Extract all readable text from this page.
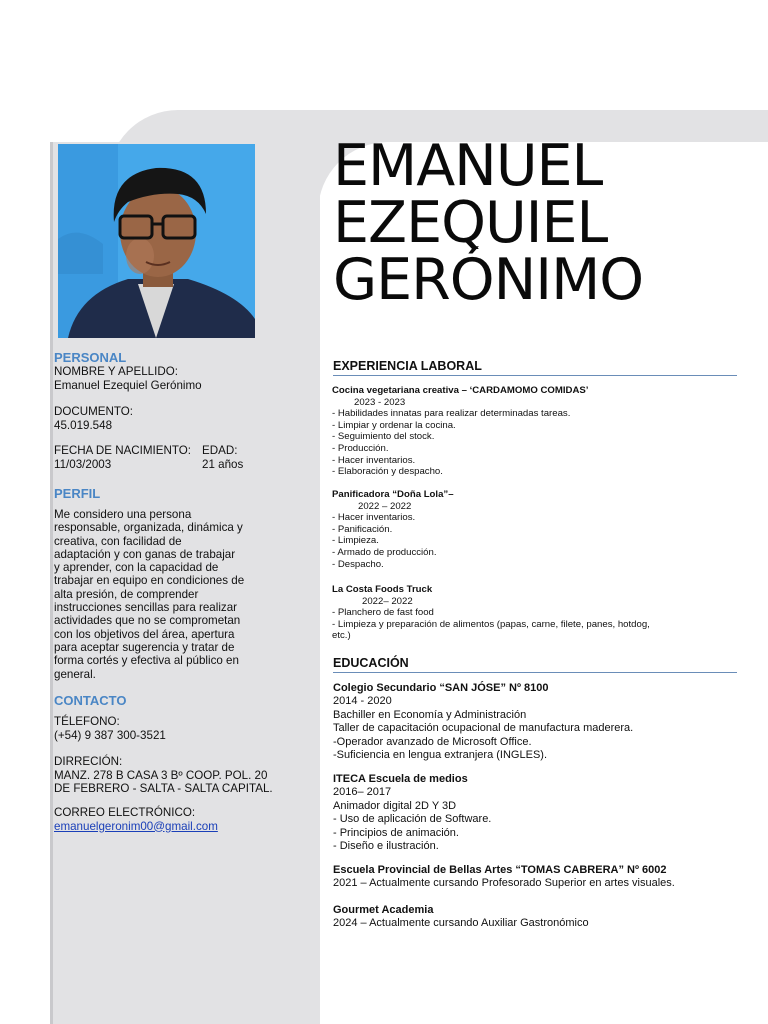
PERSONAL

NOMBRE Y APELLIDO:

Emanuel Ezequiel Gerónimo

DOCUMENTO:

45.019.548

FECHA DE NACIMIENTO:

11/03/2003

EDAD:

21 años

PERFIL

Me considero una persona

responsable, organizada, dinámica y

creativa, con facilidad de

adaptación y con ganas de trabajar

y aprender, con la capacidad de

trabajar en equipo en condiciones de

alta presión, de comprender

instrucciones sencillas para realizar

actividades que no se comprometan

con los objetivos del área, apertura

para aceptar sugerencia y tratar de

forma cortés y efectiva al público en

general.

CONTACTO

TÉLEFONO:

(+54) 9 387 300-3521

DIRRECIÓN:

MANZ. 278 B CASA 3 Bº COOP. POL. 20

DE FEBRERO - SALTA - SALTA CAPITAL.

CORREO ELECTRÓNICO:

emanuelgeronim00@gmail.com

EMANUEL

EZEQUIEL

GERÓNIMO

EXPERIENCIA LABORAL

Cocina vegetariana creativa – ‘CARDAMOMO COMIDAS’

2023 - 2023

- Habilidades innatas para realizar determinadas tareas.

- Limpiar y ordenar la cocina.

- Seguimiento del stock.

- Producción.

- Hacer inventarios.

- Elaboración y despacho.

Panificadora “Doña Lola”–

2022 – 2022

- Hacer inventarios.

- Panificación.

- Limpieza.

- Armado de producción.

- Despacho.

La Costa Foods Truck

2022– 2022

- Planchero de fast food

- Limpieza y preparación de alimentos (papas, carne, filete, panes, hotdog,

etc.)

EDUCACIÓN

Colegio Secundario “SAN JÓSE” Nº 8100

2014 - 2020

Bachiller en Economía y Administración

Taller de capacitación ocupacional de manufactura maderera.

-Operador avanzado de Microsoft Office.

-Suficiencia en lengua extranjera (INGLES).

ITECA Escuela de medios

2016– 2017

Animador digital 2D Y 3D

- Uso de aplicación de Software.

- Principios de animación.

- Diseño e ilustración.

Escuela Provincial de Bellas Artes “TOMAS CABRERA” Nº 6002

2021 – Actualmente cursando Profesorado Superior en artes visuales.

Gourmet Academia

2024 – Actualmente cursando Auxiliar Gastronómico
